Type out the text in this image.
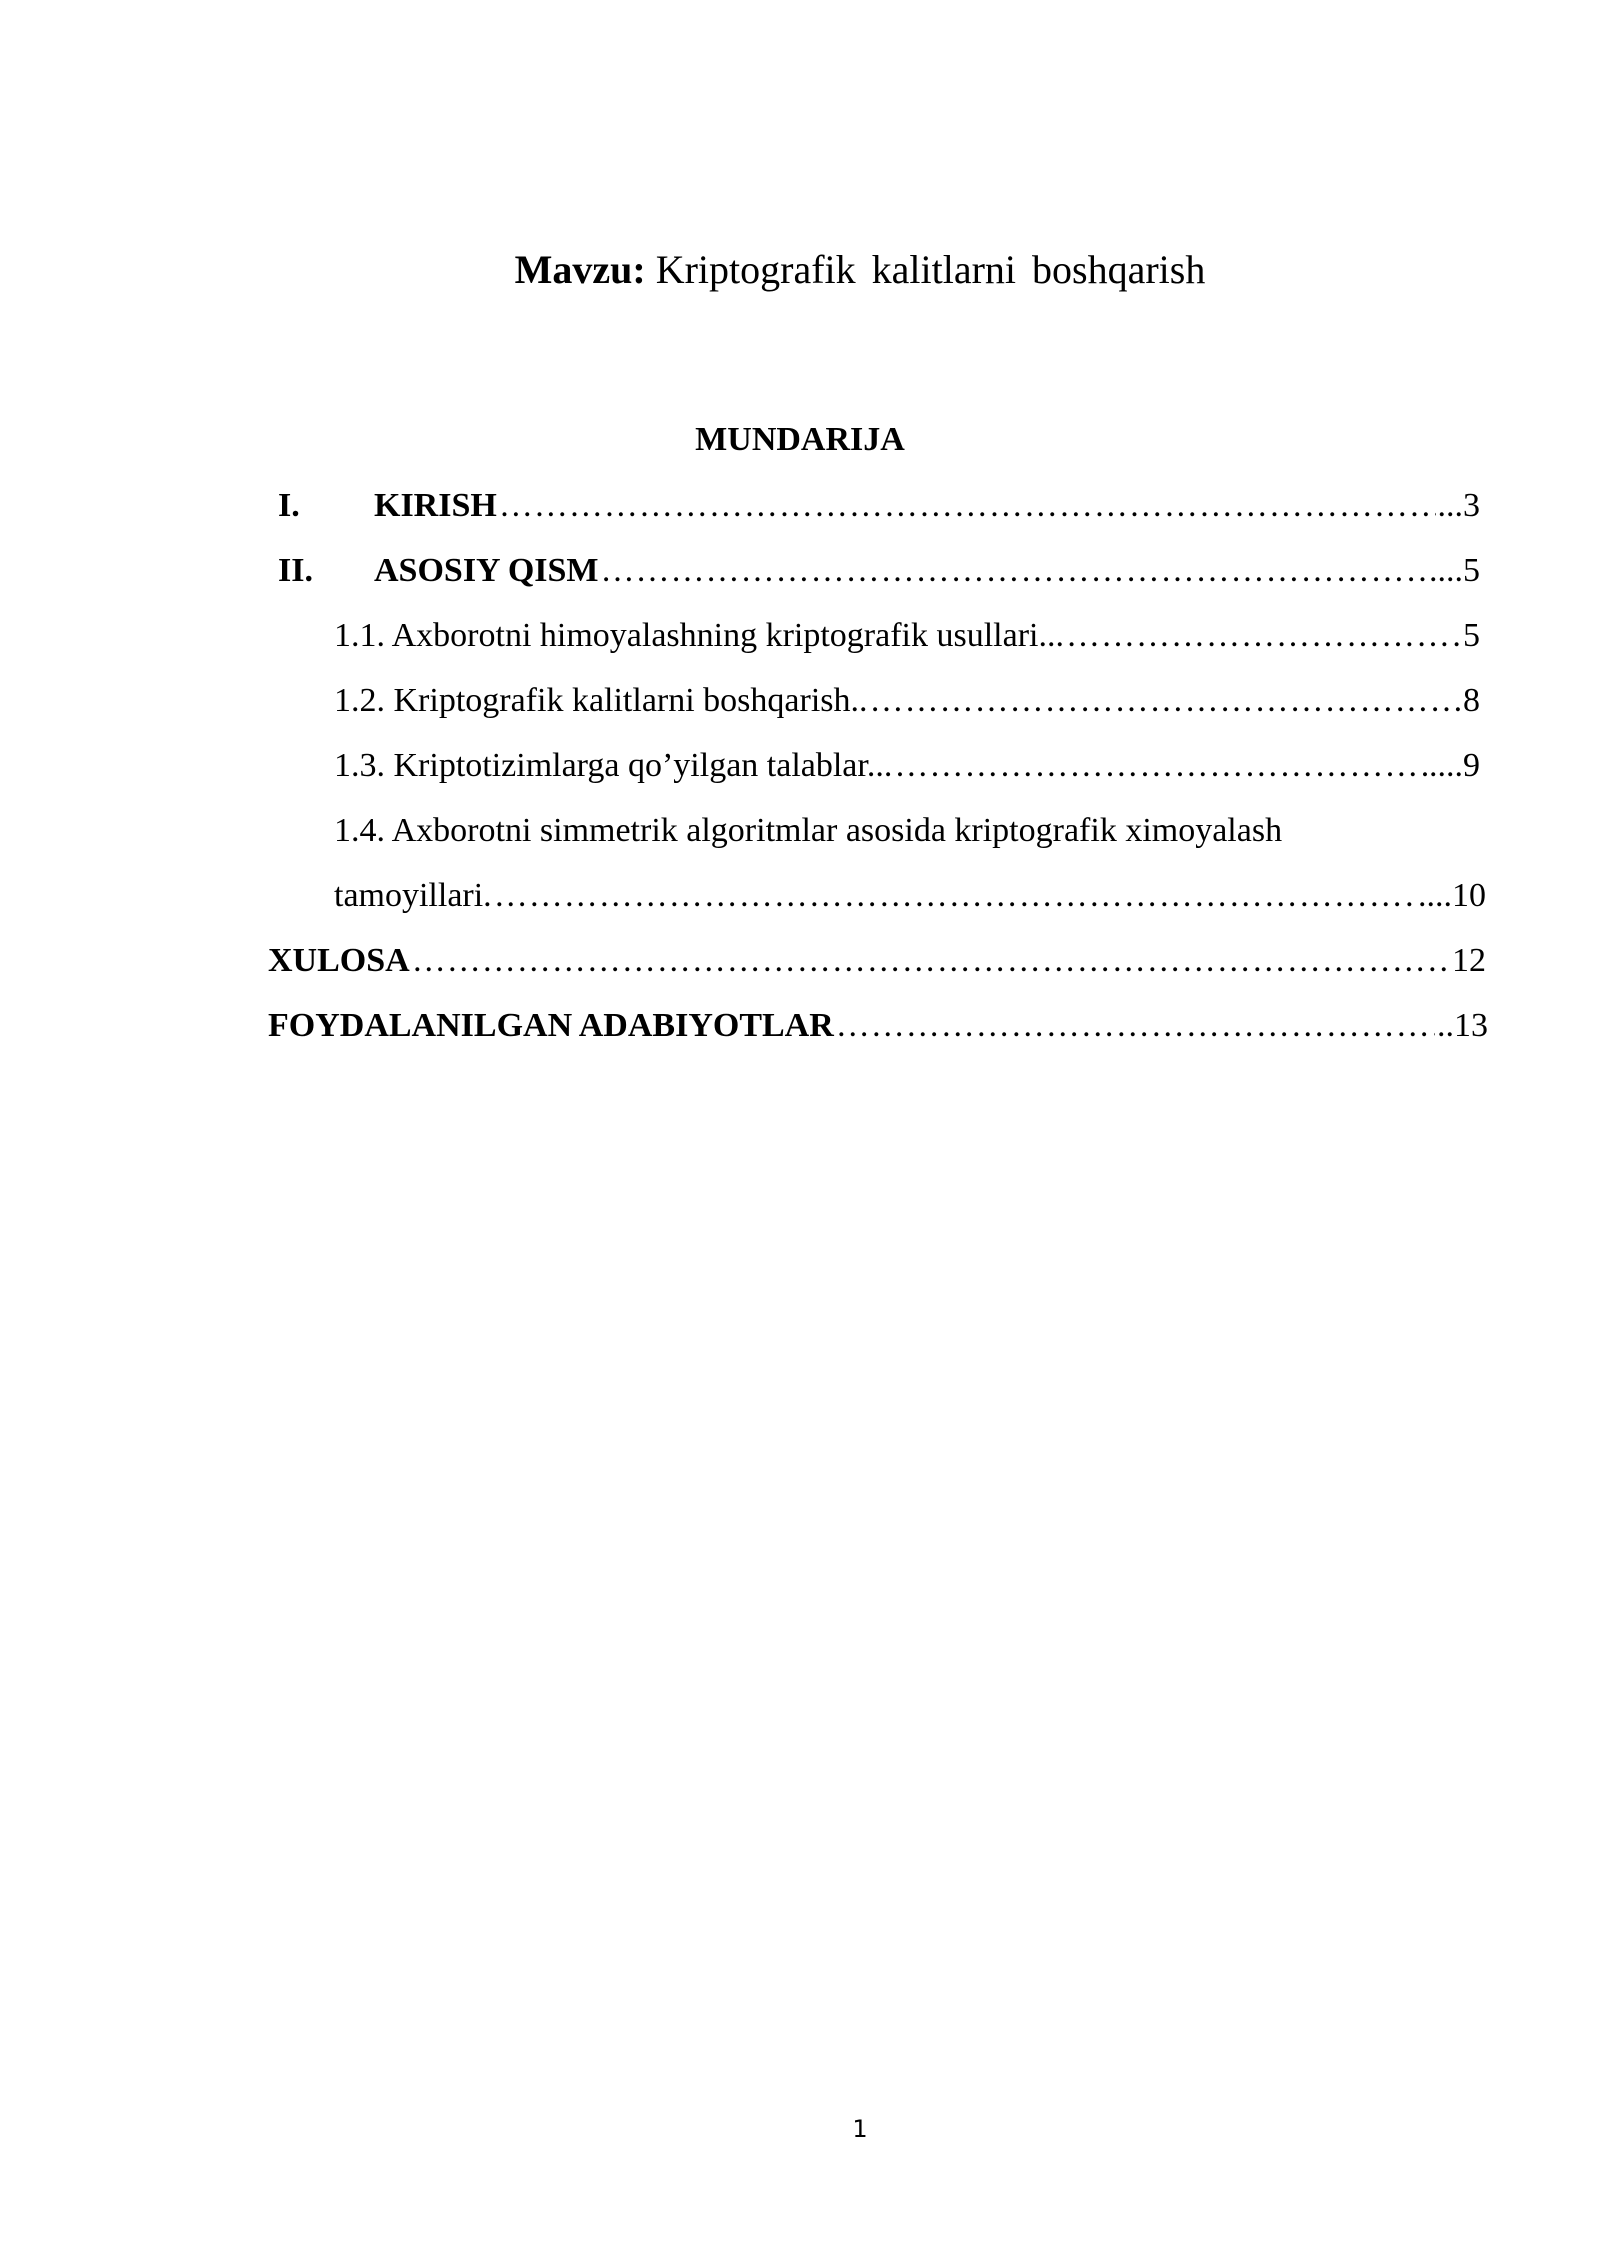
Mavzu: Kriptografik kalitlarni boshqarish
MUNDARIJA
I.	KIRISH ………………………………………………………………………………………………………………………………………………………………………………………………	... 3
II.	ASOSIY QISM ………………………………………………………………………………………………………………………………………………………………………………………………	.... 5
1.1. Axborotni himoyalashning kriptografik usullari... ………………………………………………………………………………………………………………………………………………………………………………………………	5
1.2. Kriptografik kalitlarni boshqarish.. ………………………………………………………………………………………………………………………………………………………………………………………………	8
1.3. Kriptotizimlarga qo’yilgan talablar... ………………………………………………………………………………………………………………………………………………………………………………………………	.... 9
1.4. Axborotni simmetrik algoritmlar asosida kriptografik ximoyalash
tamoyillari. ………………………………………………………………………………………………………………………………………………………………………………………………	.... 10
XULOSA ………………………………………………………………………………………………………………………………………………………………………………………………	12
FOYDALANILGAN ADABIYOTLAR ………………………………………………………………………………………………………………………………………………………………………………………………	.. 13
1
